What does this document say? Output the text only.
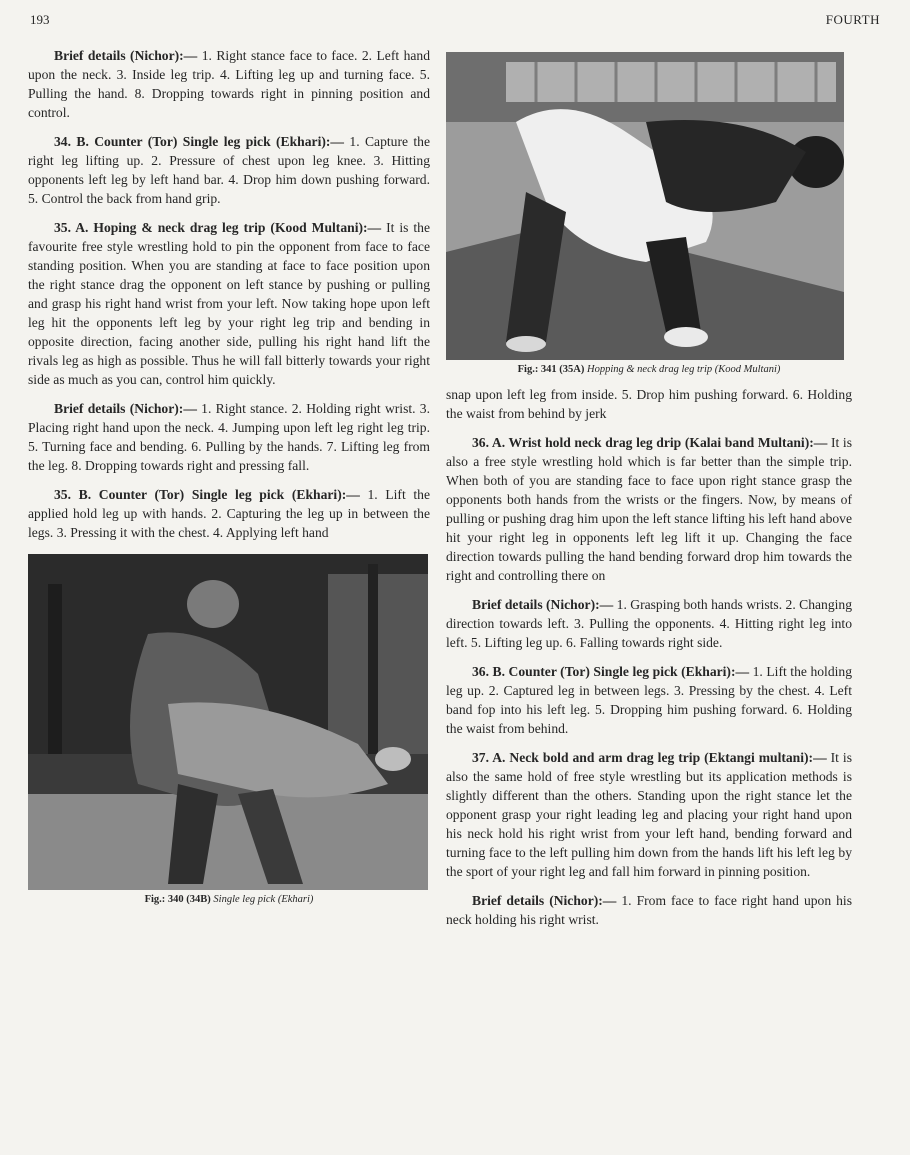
193	FOURTH

Brief details (Nichor):— 1. Right stance face to face. 2. Left hand upon the neck. 3. Inside leg trip. 4. Lifting leg up and turning face. 5. Pulling the hand. 8. Dropping towards right in pinning position and control.

34. B. Counter (Tor) Single leg pick (Ekhari):— 1. Capture the right leg lifting up. 2. Pressure of chest upon leg knee. 3. Hitting opponents left leg by left hand bar. 4. Drop him down pushing forward. 5. Control the back from hand grip.

35. A. Hoping & neck drag leg trip (Kood Multani):— It is the favourite free style wrestling hold to pin the opponent from face to face standing position. When you are standing at face to face position upon the right stance drag the opponent on left stance by pushing or pulling and grasp his right hand wrist from your left. Now taking hope upon left leg hit the opponents left leg by your right leg trip and bending in opposite direction, facing another side, pulling his right hand lift the rivals leg as high as possible. Thus he will fall bitterly towards your right side as much as you can, control him quickly.

Brief details (Nichor):— 1. Right stance. 2. Holding right wrist. 3. Placing right hand upon the neck. 4. Jumping upon left leg right leg trip. 5. Turning face and bending. 6. Pulling by the hands. 7. Lifting leg from the leg. 8. Dropping towards right and pressing fall.

35. B. Counter (Tor) Single leg pick (Ekhari):— 1. Lift the applied hold leg up with hands. 2. Capturing the leg up in between the legs. 3. Pressing it with the chest. 4. Applying left hand

Fig.: 340 (34B) Single leg pick (Ekhari)
Fig.: 341 (35A) Hopping & neck drag leg trip (Kood Multani)

snap upon left leg from inside. 5. Drop him pushing forward. 6. Holding the waist from behind by jerk

36. A. Wrist hold neck drag leg drip (Kalai band Multani):— It is also a free style wrestling hold which is far better than the simple trip. When both of you are standing face to face upon right stance grasp the opponents both hands from the wrists or the fingers. Now, by means of pulling or pushing drag him upon the left stance lifting his left hand above hit your right leg in opponents left leg lift it up. Changing the face direction towards pulling the hand bending forward drop him towards the right and controlling there on

Brief details (Nichor):— 1. Grasping both hands wrists. 2. Changing direction towards left. 3. Pulling the opponents. 4. Hitting right leg into left. 5. Lifting leg up. 6. Falling towards right side.

36. B. Counter (Tor) Single leg pick (Ekhari):— 1. Lift the holding leg up. 2. Captured leg in between legs. 3. Pressing by the chest. 4. Left band fop into his left leg. 5. Dropping him pushing forward. 6. Holding the waist from behind.

37. A. Neck bold and arm drag leg trip (Ektangi multani):— It is also the same hold of free style wrestling but its application methods is slightly different than the others. Standing upon the right stance let the opponent grasp your right leading leg and placing your right hand upon his neck hold his right wrist from your left hand, bending forward and turning face to the left pulling him down from the hands lift his left leg by the sport of your right leg and fall him forward in pinning position.

Brief details (Nichor):— 1. From face to face right hand upon his neck holding his right wrist.
